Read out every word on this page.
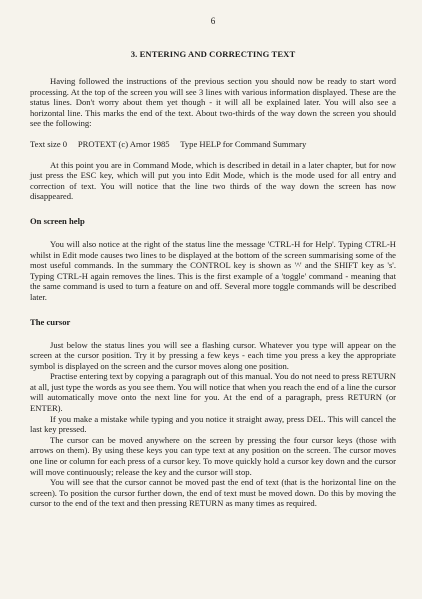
6
3. ENTERING AND CORRECTING TEXT

Having followed the instructions of the previous section you should now be ready to start word processing. At the top of the screen you will see 3 lines with various information displayed. These are the status lines. Don't worry about them yet though - it will all be explained later. You will also see a horizontal line. This marks the end of the text. About two-thirds of the way down the screen you should see the following:

Text size 0 PROTEXT (c) Arnor 1985 Type HELP for Command Summary

At this point you are in Command Mode, which is described in detail in a later chapter, but for now just press the ESC key, which will put you into Edit Mode, which is the mode used for all entry and correction of text. You will notice that the line two thirds of the way down the screen has now disappeared.

On screen help

You will also notice at the right of the status line the message 'CTRL-H for Help'. Typing CTRL-H whilst in Edit mode causes two lines to be displayed at the bottom of the screen summarising some of the most useful commands. In the summary the CONTROL key is shown as '^' and the SHIFT key as 's'. Typing CTRL-H again removes the lines. This is the first example of a 'toggle' command - meaning that the same command is used to turn a feature on and off. Several more toggle commands will be described later.

The cursor

Just below the status lines you will see a flashing cursor. Whatever you type will appear on the screen at the cursor position. Try it by pressing a few keys - each time you press a key the appropriate symbol is displayed on the screen and the cursor moves along one position.

Practise entering text by copying a paragraph out of this manual. You do not need to press RETURN at all, just type the words as you see them. You will notice that when you reach the end of a line the cursor will automatically move onto the next line for you. At the end of a paragraph, press RETURN (or ENTER).

If you make a mistake while typing and you notice it straight away, press DEL. This will cancel the last key pressed.

The cursor can be moved anywhere on the screen by pressing the four cursor keys (those with arrows on them). By using these keys you can type text at any position on the screen. The cursor moves one line or column for each press of a cursor key. To move quickly hold a cursor key down and the cursor will move continuously; release the key and the cursor will stop.

You will see that the cursor cannot be moved past the end of text (that is the horizontal line on the screen). To position the cursor further down, the end of text must be moved down. Do this by moving the cursor to the end of the text and then pressing RETURN as many times as required.
